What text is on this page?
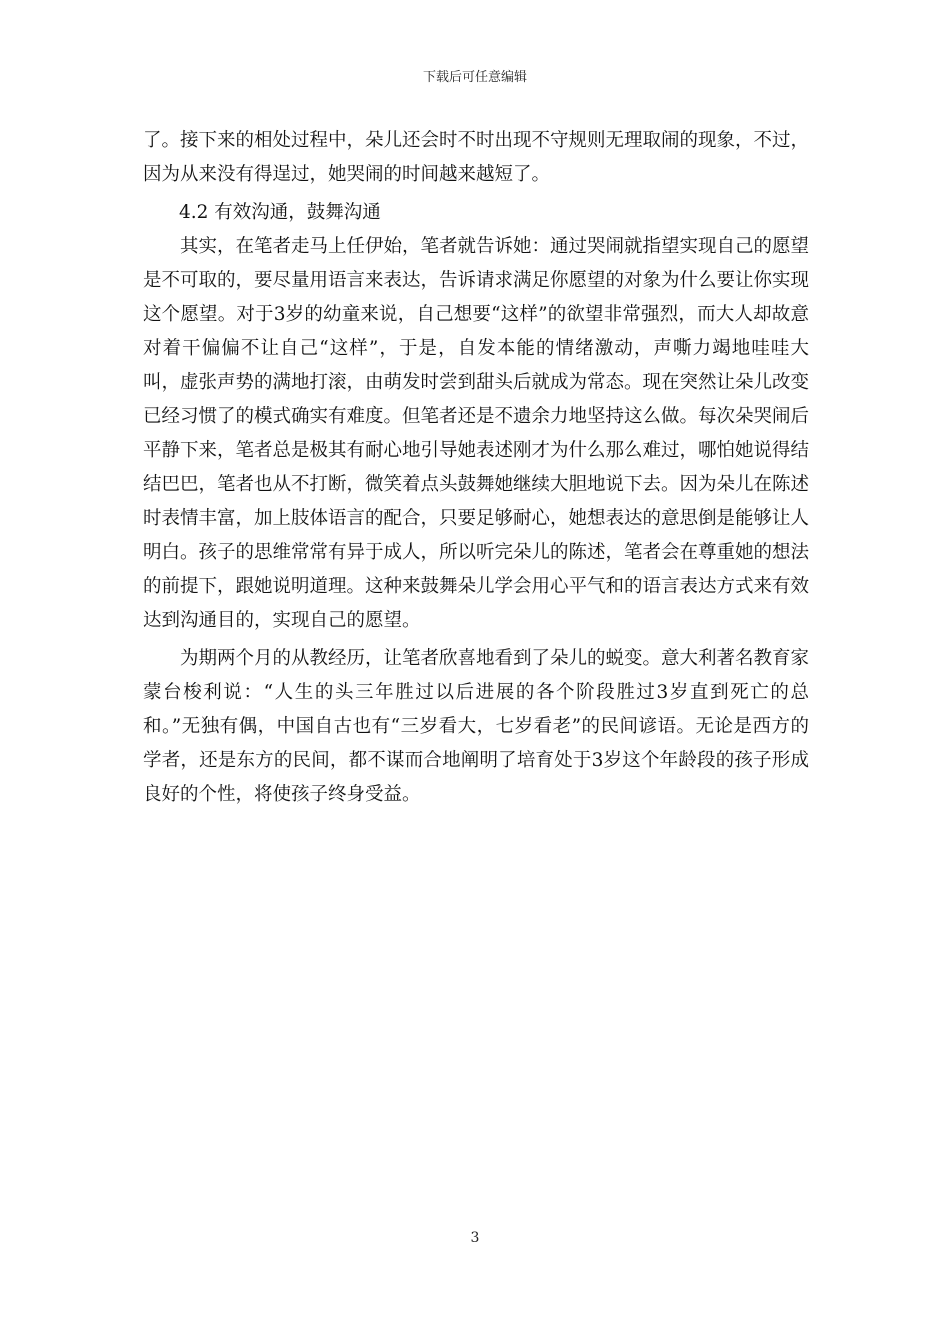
下载后可任意编辑

了。接下来的相处过程中，朵儿还会时不时出现不守规则无理取闹的现象，不过，因为从来没有得逞过，她哭闹的时间越来越短了。

4.2 有效沟通，鼓舞沟通

其实，在笔者走马上任伊始，笔者就告诉她：通过哭闹就指望实现自己的愿望是不可取的，要尽量用语言来表达，告诉请求满足你愿望的对象为什么要让你实现这个愿望。对于3岁的幼童来说，自己想要“这样”的欲望非常强烈，而大人却故意对着干偏偏不让自己“这样”，于是，自发本能的情绪激动，声嘶力竭地哇哇大叫，虚张声势的满地打滚，由萌发时尝到甜头后就成为常态。现在突然让朵儿改变已经习惯了的模式确实有难度。但笔者还是不遗余力地坚持这么做。每次朵哭闹后平静下来，笔者总是极其有耐心地引导她表述刚才为什么那么难过，哪怕她说得结结巴巴，笔者也从不打断，微笑着点头鼓舞她继续大胆地说下去。因为朵儿在陈述时表情丰富，加上肢体语言的配合，只要足够耐心，她想表达的意思倒是能够让人明白。孩子的思维常常有异于成人，所以听完朵儿的陈述，笔者会在尊重她的想法的前提下，跟她说明道理。这种来鼓舞朵儿学会用心平气和的语言表达方式来有效达到沟通目的，实现自己的愿望。

为期两个月的从教经历，让笔者欣喜地看到了朵儿的蜕变。意大利著名教育家蒙台梭利说：“人生的头三年胜过以后进展的各个阶段胜过3岁直到死亡的总和。”无独有偶，中国自古也有“三岁看大，七岁看老”的民间谚语。无论是西方的学者，还是东方的民间，都不谋而合地阐明了培育处于3岁这个年龄段的孩子形成良好的个性，将使孩子终身受益。

3
